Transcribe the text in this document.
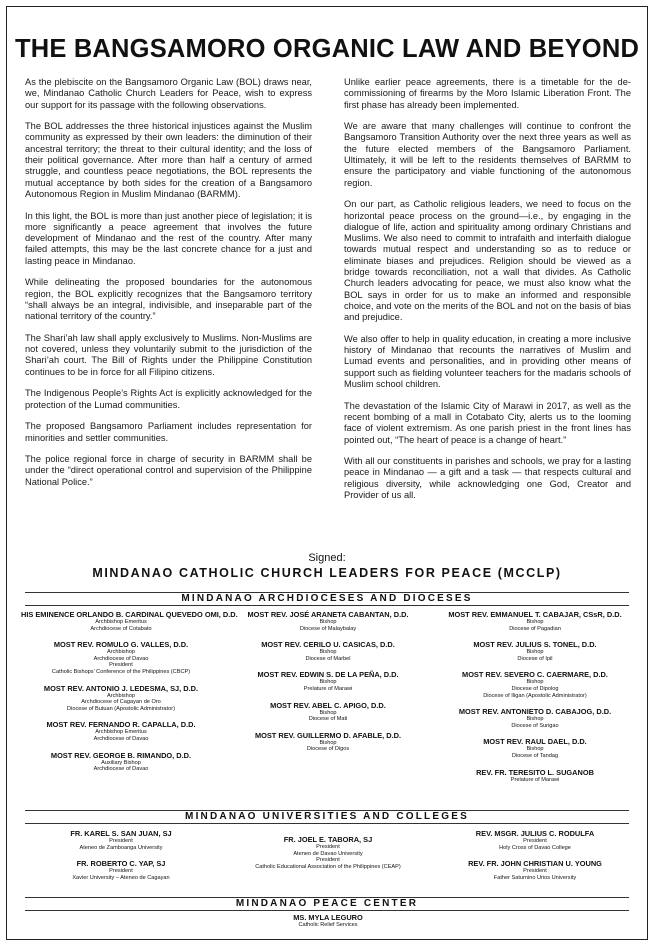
THE BANGSAMORO ORGANIC LAW AND BEYOND

As the plebiscite on the Bangsamoro Organic Law (BOL) draws near, we, Mindanao Catholic Church Leaders for Peace, wish to express our support for its passage with the following observations.

The BOL addresses the three historical injustices against the Muslim community as expressed by their own leaders: the diminution of their ancestral territory; the threat to their cultural identity; and the loss of their political governance. After more than half a century of armed struggle, and countless peace negotiations, the BOL represents the mutual acceptance by both sides for the creation of a Bangsamoro Autonomous Region in Muslim Mindanao (BARMM).

In this light, the BOL is more than just another piece of legislation; it is more significantly a peace agreement that involves the future development of Mindanao and the rest of the country. After many failed attempts, this may be the last concrete chance for a just and lasting peace in Mindanao.

While delineating the proposed boundaries for the autonomous region, the BOL explicitly recognizes that the Bangsamoro territory “shall always be an integral, indivisible, and inseparable part of the national territory of the country.”

The Shari’ah law shall apply exclusively to Muslims. Non-Muslims are not covered, unless they voluntarily submit to the jurisdiction of the Shari’ah court. The Bill of Rights under the Philippine Constitution continues to be in force for all Filipino citizens.

The Indigenous People’s Rights Act is explicitly acknowledged for the protection of the Lumad communities.

The proposed Bangsamoro Parliament includes representation for minorities and settler communities.

The police regional force in charge of security in BARMM shall be under the “direct operational control and supervision of the Philippine National Police.”

Unlike earlier peace agreements, there is a timetable for the de-commissioning of firearms by the Moro Islamic Liberation Front. The first phase has already been implemented.

We are aware that many challenges will continue to confront the Bangsamoro Transition Authority over the next three years as well as the future elected members of the Bangsamoro Parliament. Ultimately, it will be left to the residents themselves of BARMM to ensure the participatory and viable functioning of the autonomous region.

On our part, as Catholic religious leaders, we need to focus on the horizontal peace process on the ground—i.e., by engaging in the dialogue of life, action and spirituality among ordinary Christians and Muslims. We also need to commit to intrafaith and interfaith dialogue towards mutual respect and understanding so as to reduce or eliminate biases and prejudices. Religion should be viewed as a bridge towards reconciliation, not a wall that divides. As Catholic Church leaders advocating for peace, we must also know what the BOL says in order for us to make an informed and responsible choice, and vote on the merits of the BOL and not on the basis of bias and prejudice.

We also offer to help in quality education, in creating a more inclusive history of Mindanao that recounts the narratives of Muslim and Lumad events and personalities, and in providing other means of support such as fielding volunteer teachers for the madaris schools of Muslim school children.

The devastation of the Islamic City of Marawi in 2017, as well as the recent bombing of a mall in Cotabato City, alerts us to the looming face of violent extremism. As one parish priest in the front lines has pointed out, “The heart of peace is a change of heart.”

With all our constituents in parishes and schools, we pray for a lasting peace in Mindanao — a gift and a task — that respects cultural and religious diversity, while acknowledging one God, Creator and Provider of us all.

Signed:
MINDANAO CATHOLIC CHURCH LEADERS FOR PEACE (MCCLP)
MINDANAO ARCHDIOCESES AND DIOCESES
HIS EMINENCE ORLANDO B. CARDINAL QUEVEDO OMI, D.D.
Archbishop Emeritus
Archdiocese of Cotabato
MOST REV. ROMULO G. VALLES, D.D.
Archbishop
Archdiocese of Davao
President
Catholic Bishops’ Conference of the Philippines (CBCP)
MOST REV. ANTONIO J. LEDESMA, SJ, D.D.
Archbishop
Archdiocese of Cagayan de Oro
Diocese of Butuan (Apostolic Administrator)
MOST REV. FERNANDO R. CAPALLA, D.D.
Archbishop Emeritus
Archdiocese of Davao
MOST REV. GEORGE B. RIMANDO, D.D.
Auxiliary Bishop
Archdiocese of Davao
MOST REV. JOSÉ ARANETA CABANTAN, D.D.
Bishop
Diocese of Malaybalay
MOST REV. CERILO U. CASICAS, D.D.
Bishop
Diocese of Marbel
MOST REV. EDWIN S. DE LA PEÑA, D.D.
Bishop
Prelature of Marawi
MOST REV. ABEL C. APIGO, D.D.
Bishop
Diocese of Mati
MOST REV. GUILLERMO D. AFABLE, D.D.
Bishop
Diocese of Digos
MOST REV. EMMANUEL T. CABAJAR, CSsR, D.D.
Bishop
Diocese of Pagadian
MOST REV. JULIUS S. TONEL, D.D.
Bishop
Diocese of Ipil
MOST REV. SEVERO C. CAERMARE, D.D.
Bishop
Diocese of Dipolog
Diocese of Iligan (Apostolic Administrator)
MOST REV. ANTONIETO D. CABAJOG, D.D.
Bishop
Diocese of Surigao
MOST REV. RAUL DAEL, D.D.
Bishop
Diocese of Tandag
REV. FR. TERESITO L. SUGANOB
Prelature of Marawi
MINDANAO UNIVERSITIES AND COLLEGES
FR. KAREL S. SAN JUAN, SJ
President
Ateneo de Zamboanga University
FR. ROBERTO C. YAP, SJ
President
Xavier University – Ateneo de Cagayan
FR. JOEL E. TABORA, SJ
President
Ateneo de Davao University
President
Catholic Educational Association of the Philippines (CEAP)
REV. MSGR. JULIUS C. RODULFA
President
Holy Cross of Davao College
REV. FR. JOHN CHRISTIAN U. YOUNG
President
Father Saturnino Urios University
MINDANAO PEACE CENTER
MS. MYLA LEGURO
Catholic Relief Services
